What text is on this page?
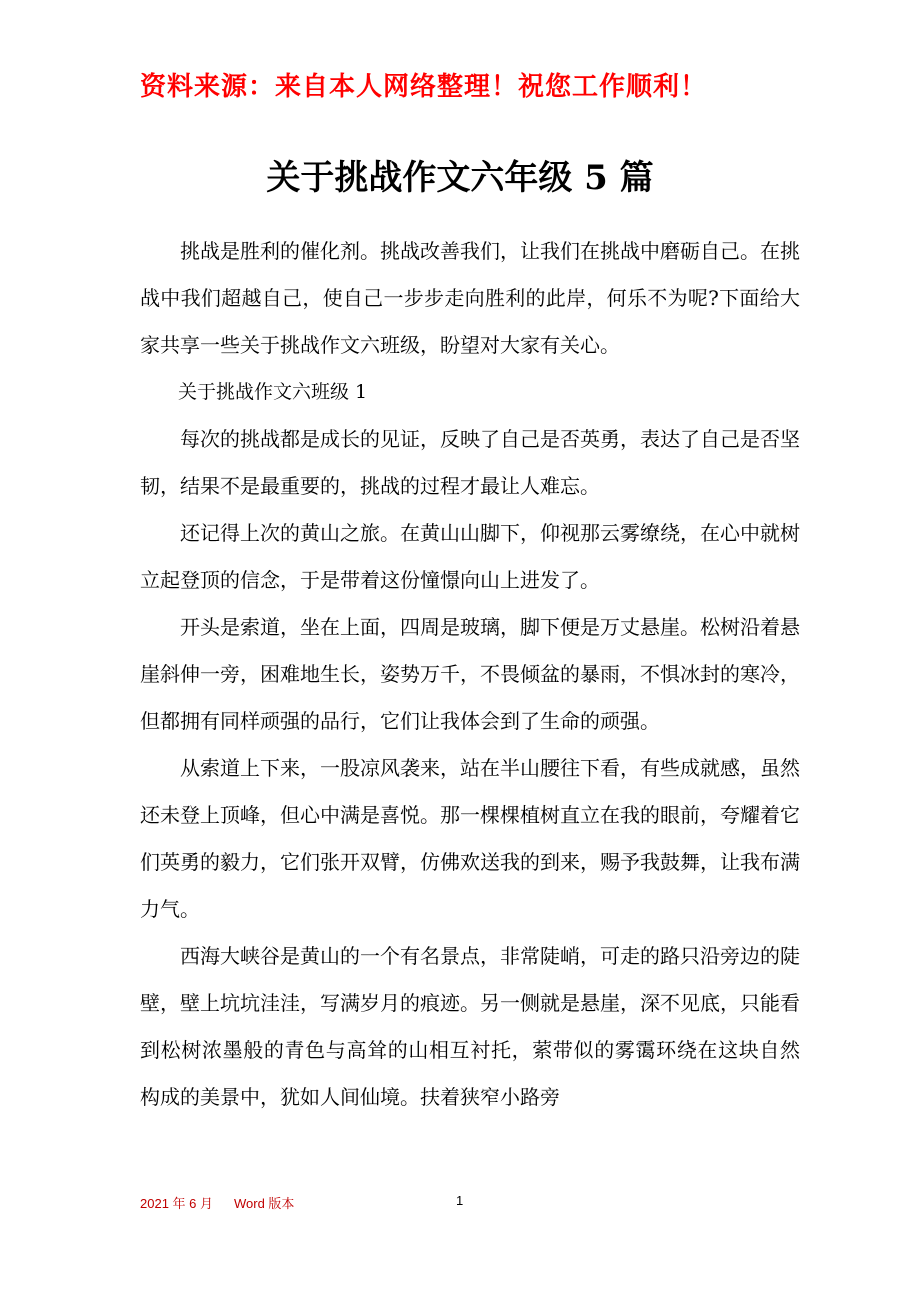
资料来源：来自本人网络整理！祝您工作顺利！
关于挑战作文六年级 5 篇

挑战是胜利的催化剂。挑战改善我们，让我们在挑战中磨砺自己。在挑战中我们超越自己，使自己一步步走向胜利的此岸，何乐不为呢?下面给大家共享一些关于挑战作文六班级，盼望对大家有关心。

关于挑战作文六班级 1

每次的挑战都是成长的见证，反映了自己是否英勇，表达了自己是否坚韧，结果不是最重要的，挑战的过程才最让人难忘。

还记得上次的黄山之旅。在黄山山脚下，仰视那云雾缭绕，在心中就树立起登顶的信念，于是带着这份憧憬向山上进发了。

开头是索道，坐在上面，四周是玻璃，脚下便是万丈悬崖。松树沿着悬崖斜伸一旁，困难地生长，姿势万千，不畏倾盆的暴雨，不惧冰封的寒冷，但都拥有同样顽强的品行，它们让我体会到了生命的顽强。

从索道上下来，一股凉风袭来，站在半山腰往下看，有些成就感，虽然还未登上顶峰，但心中满是喜悦。那一棵棵植树直立在我的眼前，夸耀着它们英勇的毅力，它们张开双臂，仿佛欢送我的到来，赐予我鼓舞，让我布满力气。

西海大峡谷是黄山的一个有名景点，非常陡峭，可走的路只沿旁边的陡壁，壁上坑坑洼洼，写满岁月的痕迹。另一侧就是悬崖，深不见底，只能看到松树浓墨般的青色与高耸的山相互衬托，萦带似的雾霭环绕在这块自然　构成的美景中，犹如人间仙境。扶着狭窄小路旁

2021 年 6 月 Word 版本	1
